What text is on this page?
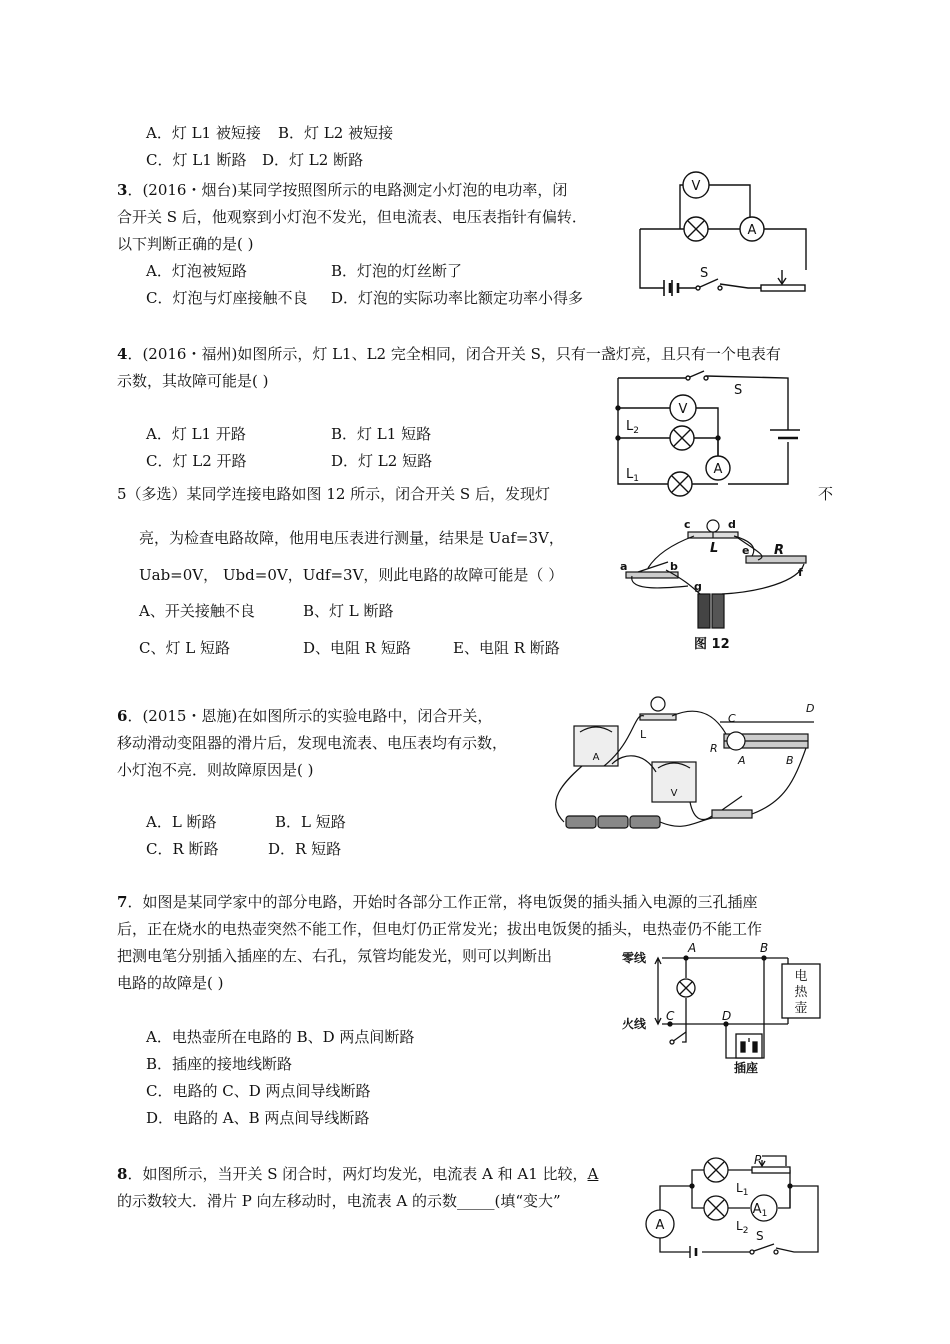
A．灯 L1 被短接 B．灯 L2 被短接
C．灯 L1 断路 D．灯 L2 断路
3．(2016・烟台)某同学按照图所示的电路测定小灯泡的电功率，闭
合开关 S 后，他观察到小灯泡不发光，但电流表、电压表指针有偏转．
以下判断正确的是( )
A．灯泡被短路	B．灯泡的灯丝断了
C．灯泡与灯座接触不良 D．灯泡的实际功率比额定功率小得多
V
A
S
4．(2016・福州)如图所示，灯 L1、L2 完全相同，闭合开关 S，只有一盏灯亮，且只有一个电表有
示数，其故障可能是( )
A．灯 L1 开路	B．灯 L1 短路
C．灯 L2 开路	D．灯 L2 短路
V
A
S
$L_2$
$L_1$
5（多选）某同学连接电路如图 12 所示，闭合开关 S 后，发现灯	不
亮，为检查电路故障，他用电压表进行测量，结果是 Uaf=3V，
Uab=0V， Ubd=0V，Udf=3V，则此电路的故障可能是（ ）
A、开关接触不良	B、灯 L 断路
C、灯 L 短路	D、电阻 R 短路	E、电阻 R 断路
c	d
a	b
e
f
g
L	R
图 12
6．(2015・恩施)在如图所示的实验电路中，闭合开关，
移动滑动变阻器的滑片后，发现电流表、电压表均有示数，
小灯泡不亮．则故障原因是( )
A．L 断路	B．L 短路
C．R 断路	D．R 短路
A
V
L
C
D
R
A	B
7．如图是某同学家中的部分电路，开始时各部分工作正常，将电饭煲的插头插入电源的三孔插座
后，正在烧水的电热壶突然不能工作，但电灯仍正常发光；拔出电饭煲的插头，电热壶仍不能工作
把测电笔分别插入插座的左、右孔，氖管均能发光，则可以判断出
电路的故障是( )
A．电热壶所在电路的 B、D 两点间断路
B．插座的接地线断路
C．电路的 C、D 两点间导线断路
D．电路的 A、B 两点间导线断路
零线
火线
A	B
C	D
电
热
壶
插座
8．如图所示，当开关 S 闭合时，两灯均发光，电流表 A 和 A1 比较，A
的示数较大．滑片 P 向左移动时，电流表 A 的示数_____(填“变大”
P
$L_1$
$L_2$
A
$A_1$
S
